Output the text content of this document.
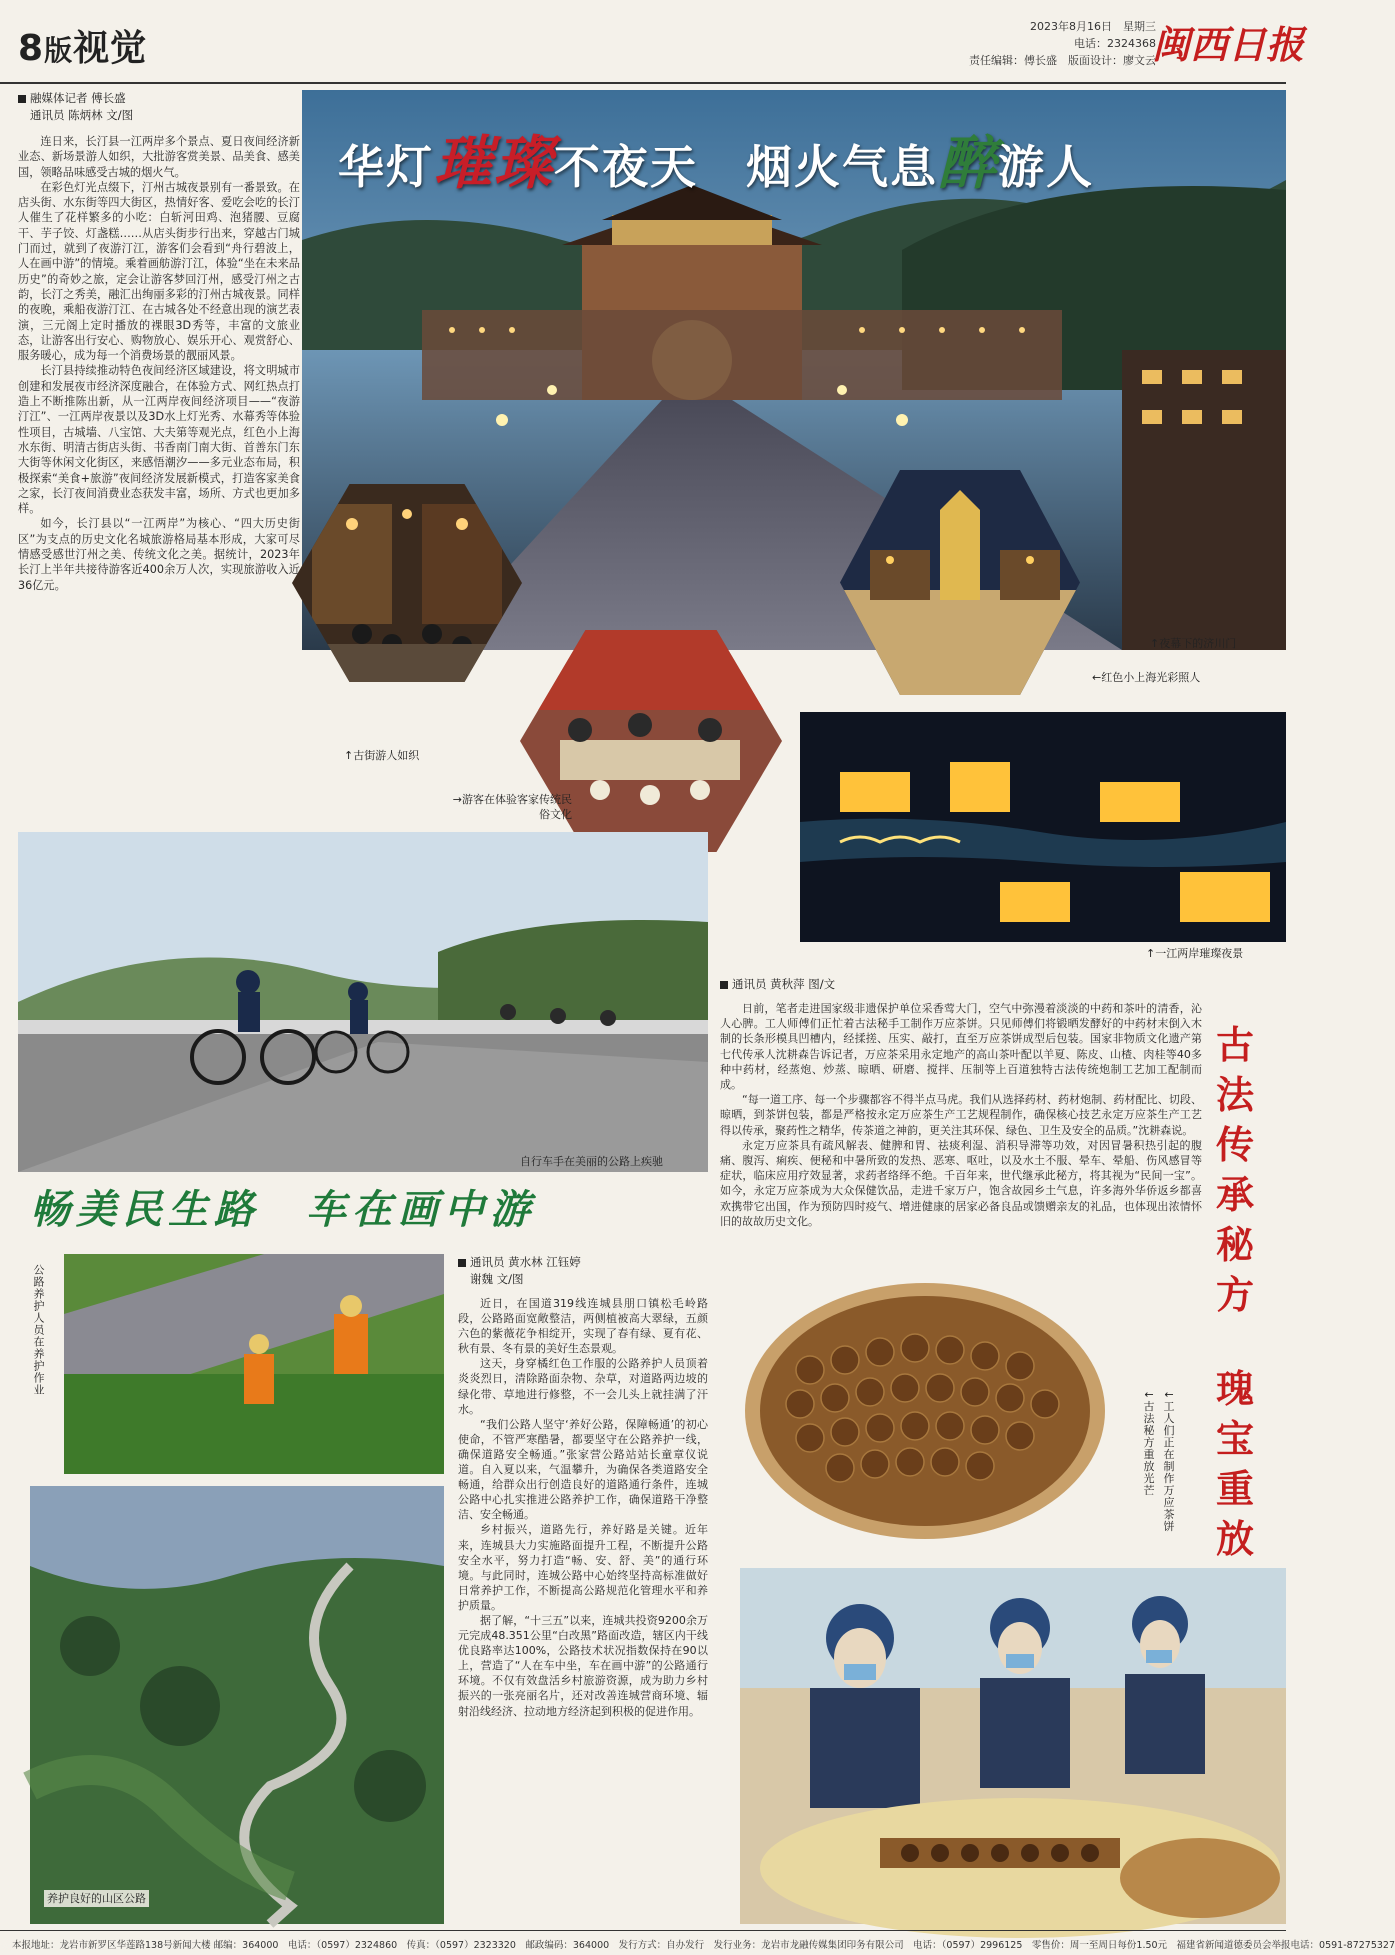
8版视觉
2023年8月16日　星期三
电话：2324368
责任编辑：傅长盛　版面设计：廖文云
闽西日报
华灯璀璨不夜天　烟火气息醉游人
融媒体记者 傅长盛
通讯员 陈炳林 文/图

连日来，长汀县一江两岸多个景点、夏日夜间经济新业态、新场景游人如织，大批游客赏美景、品美食、感美国，领略品味感受古城的烟火气。

在彩色灯光点缀下，汀州古城夜景别有一番景致。在店头街、水东街等四大街区，热情好客、爱吃会吃的长汀人催生了花样繁多的小吃：白斩河田鸡、泡猪腰、豆腐干、芋子饺、灯盏糕……从店头街步行出来，穿越古门城门而过，就到了夜游汀江，游客们会看到“舟行碧波上，人在画中游”的情境。乘着画舫游汀江，体验“坐在未来品历史”的奇妙之旅，定会让游客梦回汀州，感受汀州之古韵，长汀之秀美，融汇出绚丽多彩的汀州古城夜景。同样的夜晚，乘船夜游汀江、在古城各处不经意出现的演艺表演，三元阁上定时播放的裸眼3D秀等，丰富的文旅业态，让游客出行安心、购物放心、娱乐开心、观赏舒心、服务暖心，成为每一个消费场景的靓丽风景。

长汀县持续推动特色夜间经济区域建设，将文明城市创建和发展夜市经济深度融合，在体验方式、网红热点打造上不断推陈出新，从一江两岸夜间经济项目——“夜游汀江”、一江两岸夜景以及3D水上灯光秀、水幕秀等体验性项目，古城墙、八宝馆、大夫第等观光点，红色小上海水东街、明清古街店头街、书香南门南大街、首善东门东大街等休闲文化街区，来感悟潮汐——多元业态布局，积极探索“美食+旅游”夜间经济发展新模式，打造客家美食之家，长汀夜间消费业态获发丰富，场所、方式也更加多样。

如今，长汀县以“一江两岸”为核心、“四大历史街区”为支点的历史文化名城旅游格局基本形成，大家可尽情感受感世汀州之美、传统文化之美。据统计，2023年长汀上半年共接待游客近400余万人次，实现旅游收入近36亿元。

↑古街游人如织
→游客在体验客家传统民俗文化
↑夜幕下的济川门
←红色小上海光彩照人
↑一江两岸璀璨夜景
自行车手在美丽的公路上疾驰
畅美民生路　车在画中游
公路养护人员在养护作业
养护良好的山区公路
通讯员 黄水林 江钰婷
谢魏 文/图

近日，在国道319线连城县朋口镇松毛岭路段，公路路面宽敞整洁，两侧植被高大翠绿，五颜六色的紫薇花争相绽开，实现了春有绿、夏有花、秋有景、冬有景的美好生态景观。

这天，身穿橘红色工作服的公路养护人员顶着炎炎烈日，清除路面杂物、杂草，对道路两边坡的绿化带、草地进行修整，不一会儿头上就挂满了汗水。

“我们公路人坚守‘养好公路，保障畅通’的初心使命，不管严寒酷暑，都要坚守在公路养护一线，确保道路安全畅通。”张家营公路站站长童章仪说道。自入夏以来，气温攀升，为确保各类道路安全畅通，给群众出行创造良好的道路通行条件，连城公路中心扎实推进公路养护工作，确保道路干净整洁、安全畅通。

乡村振兴，道路先行，养好路是关键。近年来，连城县大力实施路面提升工程，不断提升公路安全水平，努力打造“畅、安、舒、美”的通行环境。与此同时，连城公路中心始终坚持高标准做好日常养护工作，不断提高公路规范化管理水平和养护质量。

据了解，“十三五”以来，连城共投资9200余万元完成48.351公里“白改黑”路面改造，辖区内干线优良路率达100%，公路技术状况指数保持在90以上，营造了“人在车中坐，车在画中游”的公路通行环境。不仅有效盘活乡村旅游资源，成为助力乡村振兴的一张亮丽名片，还对改善连城营商环境、辐射沿线经济、拉动地方经济起到积极的促进作用。

通讯员 黄秋萍 图/文

日前，笔者走进国家级非遗保护单位采香莺大门，空气中弥漫着淡淡的中药和茶叶的清香，沁人心脾。工人师傅们正忙着古法秘手工制作万应茶饼。只见师傅们将锻晒发酵好的中药材末倒入木制的长条形模具凹槽内，经揉搓、压实、敲打，直至万应茶饼成型后包装。国家非物质文化遗产第七代传承人沈耕森告诉记者，万应茶采用永定地产的高山茶叶配以羊夏、陈皮、山楂、肉桂等40多种中药材，经蒸炮、炒蒸、晾晒、研磨、搅拌、压制等上百道独特古法传统炮制工艺加工配制而成。

“每一道工序、每一个步骤都容不得半点马虎。我们从选择药材、药材炮制、药材配比、切段、晾晒，到茶饼包装，都是严格按永定万应茶生产工艺规程制作，确保核心技艺永定万应茶生产工艺得以传承，聚药性之精华，传茶道之神韵，更关注其环保、绿色、卫生及安全的品质。”沈耕森说。

永定万应茶具有疏风解表、健脾和胃、祛痰利湿、消积导滞等功效，对因冒暑积热引起的腹痛、腹泻、痢疾、便秘和中暑所致的发热、恶寒、呕吐，以及水土不服、晕车、晕船、伤风感冒等症状，临床应用疗效显著，求药者络绎不绝。千百年来，世代继承此秘方，将其视为“民间一宝”。如今，永定万应茶成为大众保健饮品，走进千家万户，饱含故园乡土气息，许多海外华侨返乡都喜欢携带它出国，作为预防四时疫气、增进健康的居家必备良品或馈赠亲友的礼品，也体现出浓情怀旧的故故历史文化。

古法传承秘方
瑰宝重放
↓工人们正在制作万应茶饼
↓古法秘方重放光芒
本报地址：龙岩市新罗区华莲路138号新闻大楼 邮编：364000　电话：（0597）2324860　传真：（0597）2323320　邮政编码：364000　发行方式：自办发行　发行业务：龙岩市龙融传媒集团印务有限公司　电话：（0597）2996125　零售价：周一至周日每份1.50元　福建省新闻道德委员会举报电话：0591-87275327
